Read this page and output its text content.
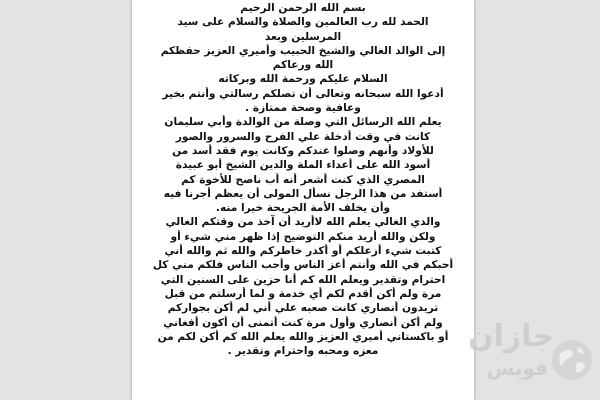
بسم الله الرحمن الرحيم
الحمد لله رب العالمين والصلاة والسلام على سيد
المرسلين وبعد
إلى الوالد الغالي والشيخ الحبيب وأميري العزيز حفظكم
الله ورعاكم
السلام عليكم ورحمة الله وبركاته
أدعوا الله سبحانه وتعالى أن تصلكم رسالتي وأنتم بخير
وعافية وصحة ممتازة .
يعلم الله الرسائل التي وصلة من الوالدة وأبي سليمان
كانت في وقت أدخلة علي الفرح والسرور والصور
للأولاد وأنهم وصلوا عندكم وكانت يوم فقد أسد من
أسود الله على أعداء الملة والدين الشيخ أبو عبيدة
المصري الذي كنت أشعر أنه أب ناصح للأخوة كم
أستفد من هذا الرجل نسأل المولى أن يعظم أجرنا فيه
وأن يخلف الأمة الجريحة خيرا منه.
والدي الغالي يعلم الله لاأريد أن آخذ من وقتكم الغالي
ولكن والله أريد منكم التوضيح إذا ظهر مني شيء أو
كتبت شيء أزعلكم أو أكدر خاطركم والله ثم والله أني
أحبكم في الله وأنتم أعز الناس وأحب الناس فلكم مني كل
احترام وتقدير ويعلم الله كم أنا حزين على السنين التي
مرة ولم أكن أقدم لكم أي خدمة و لما أرسلتم من قبل
تريدون أنصاري كانت صعبه علي أني لم أكن بجواركم
ولم أكن أنصاري وأول مرة كنت أتمنى أن أكون أفغاني
أو باكستاني أميري العزيز والله يعلم الله كم أكن لكم من
معزه ومحبه واحترام وتقدير .	جازان
فويس
